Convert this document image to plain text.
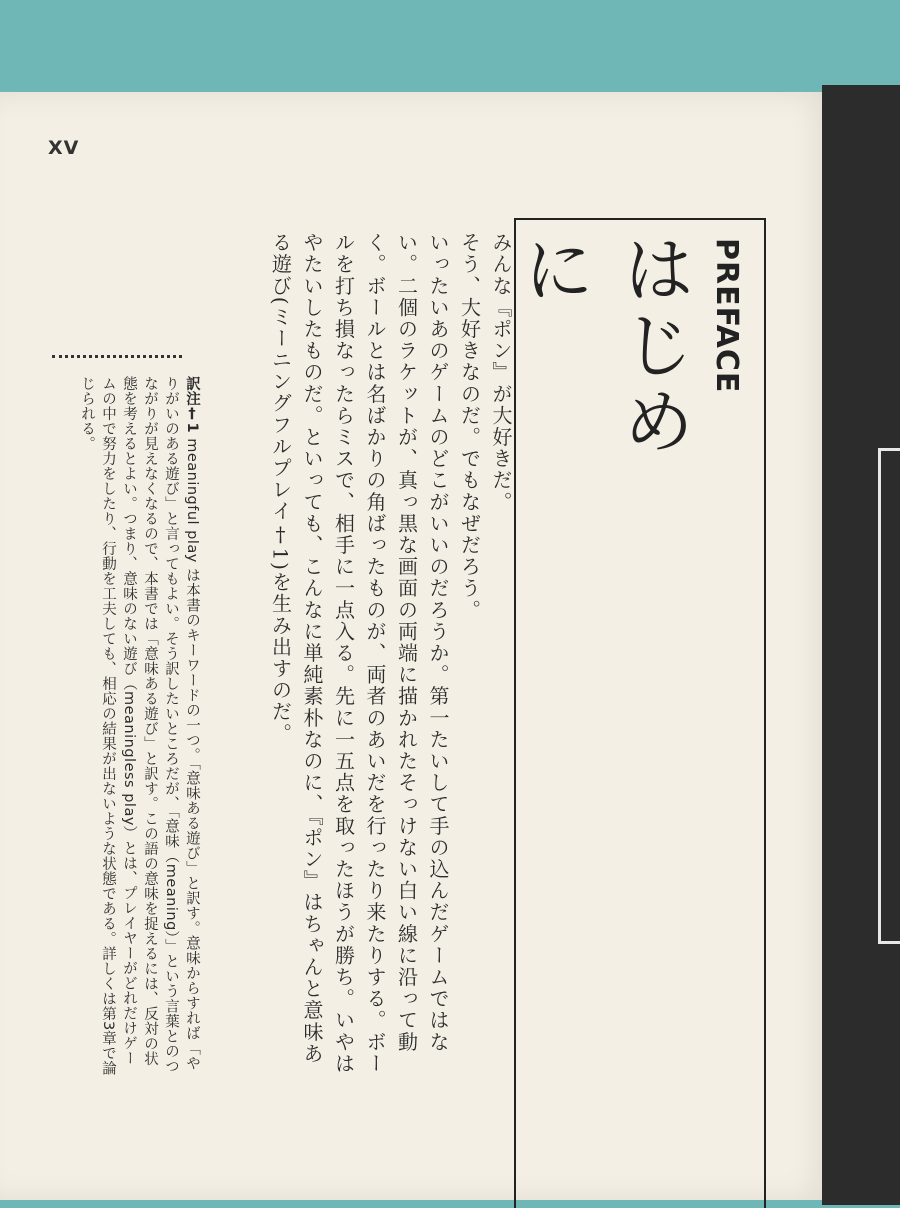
XV
PREFACE
はじめに

みんな『ポン』が大好きだ。

そう、大好きなのだ。でもなぜだろう。

いったいあのゲームのどこがいいのだろうか。第一たいして手の込んだゲームではない。二個のラケットが、真っ黒な画面の両端に描かれたそっけない白い線に沿って動く。ボールとは名ばかりの角ばったものが、両者のあいだを行ったり来たりする。ボールを打ち損なったらミスで、相手に一点入る。先に一五点を取ったほうが勝ち。いやはやたいしたものだ。といっても、こんなに単純素朴なのに、『ポン』はちゃんと意味ある遊び(ミーニングフルプレイ†1)を生み出すのだ。

訳注†1 meaningful play は本書のキーワードの一つ。「意味ある遊び」と訳す。意味からすれば「やりがいのある遊び」と言ってもよい。そう訳したいところだが、「意味（meaning）」という言葉とのつながりが見えなくなるので、本書では「意味ある遊び」と訳す。この語の意味を捉えるには、反対の状態を考えるとよい。つまり、意味のない遊び（meaningless play）とは、プレイヤーがどれだけゲームの中で努力をしたり、行動を工夫しても、相応の結果が出ないような状態である。詳しくは第3章で論じられる。
